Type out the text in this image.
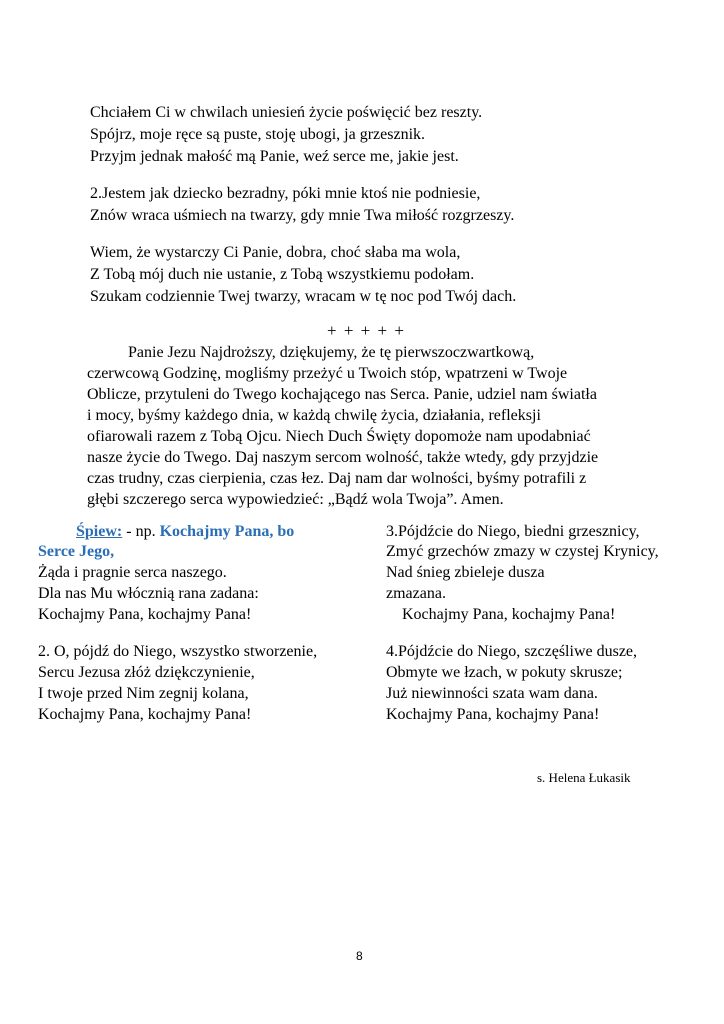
Chciałem Ci w chwilach uniesień życie poświęcić bez reszty.
Spójrz, moje ręce są puste, stoję ubogi, ja grzesznik.
Przyjm jednak małość mą Panie, weź serce me, jakie jest.
2.Jestem jak dziecko bezradny, póki mnie ktoś nie podniesie,
Znów wraca uśmiech na twarzy, gdy mnie Twa miłość rozgrzeszy.
Wiem, że wystarczy Ci Panie, dobra, choć słaba ma wola,
Z Tobą mój duch nie ustanie, z Tobą wszystkiemu podołam.
Szukam codziennie Twej twarzy, wracam w tę noc pod Twój dach.
+ + + + +
Panie Jezu Najdroższy, dziękujemy, że tę pierwszoczwartkową,
czerwcową Godzinę, mogliśmy przeżyć u Twoich stóp, wpatrzeni w Twoje
Oblicze, przytuleni do Twego kochającego nas Serca. Panie, udziel nam światła
i mocy, byśmy każdego dnia, w każdą chwilę życia, działania, refleksji
ofiarowali razem z Tobą Ojcu. Niech Duch Święty dopomoże nam upodabniać
nasze życie do Twego. Daj naszym sercom wolność, także wtedy, gdy przyjdzie
czas trudny, czas cierpienia, czas łez. Daj nam dar wolności, byśmy potrafili z
głębi szczerego serca wypowiedzieć: „Bądź wola Twoja”. Amen.
Śpiew: - np. Kochajmy Pana, bo
Serce Jego,
Żąda i pragnie serca naszego.
Dla nas Mu włócznią rana zadana:
Kochajmy Pana, kochajmy Pana!
2. O, pójdź do Niego, wszystko stworzenie,
Sercu Jezusa złóż dziękczynienie,
I twoje przed Nim zegnij kolana,
Kochajmy Pana, kochajmy Pana!
3.Pójdźcie do Niego, biedni grzesznicy,
Zmyć grzechów zmazy w czystej Krynicy,
Nad śnieg zbieleje dusza
zmazana.
Kochajmy Pana, kochajmy Pana!
4.Pójdźcie do Niego, szczęśliwe dusze,
Obmyte we łzach, w pokuty skrusze;
Już niewinności szata wam dana.
Kochajmy Pana, kochajmy Pana!
s. Helena Łukasik
8
